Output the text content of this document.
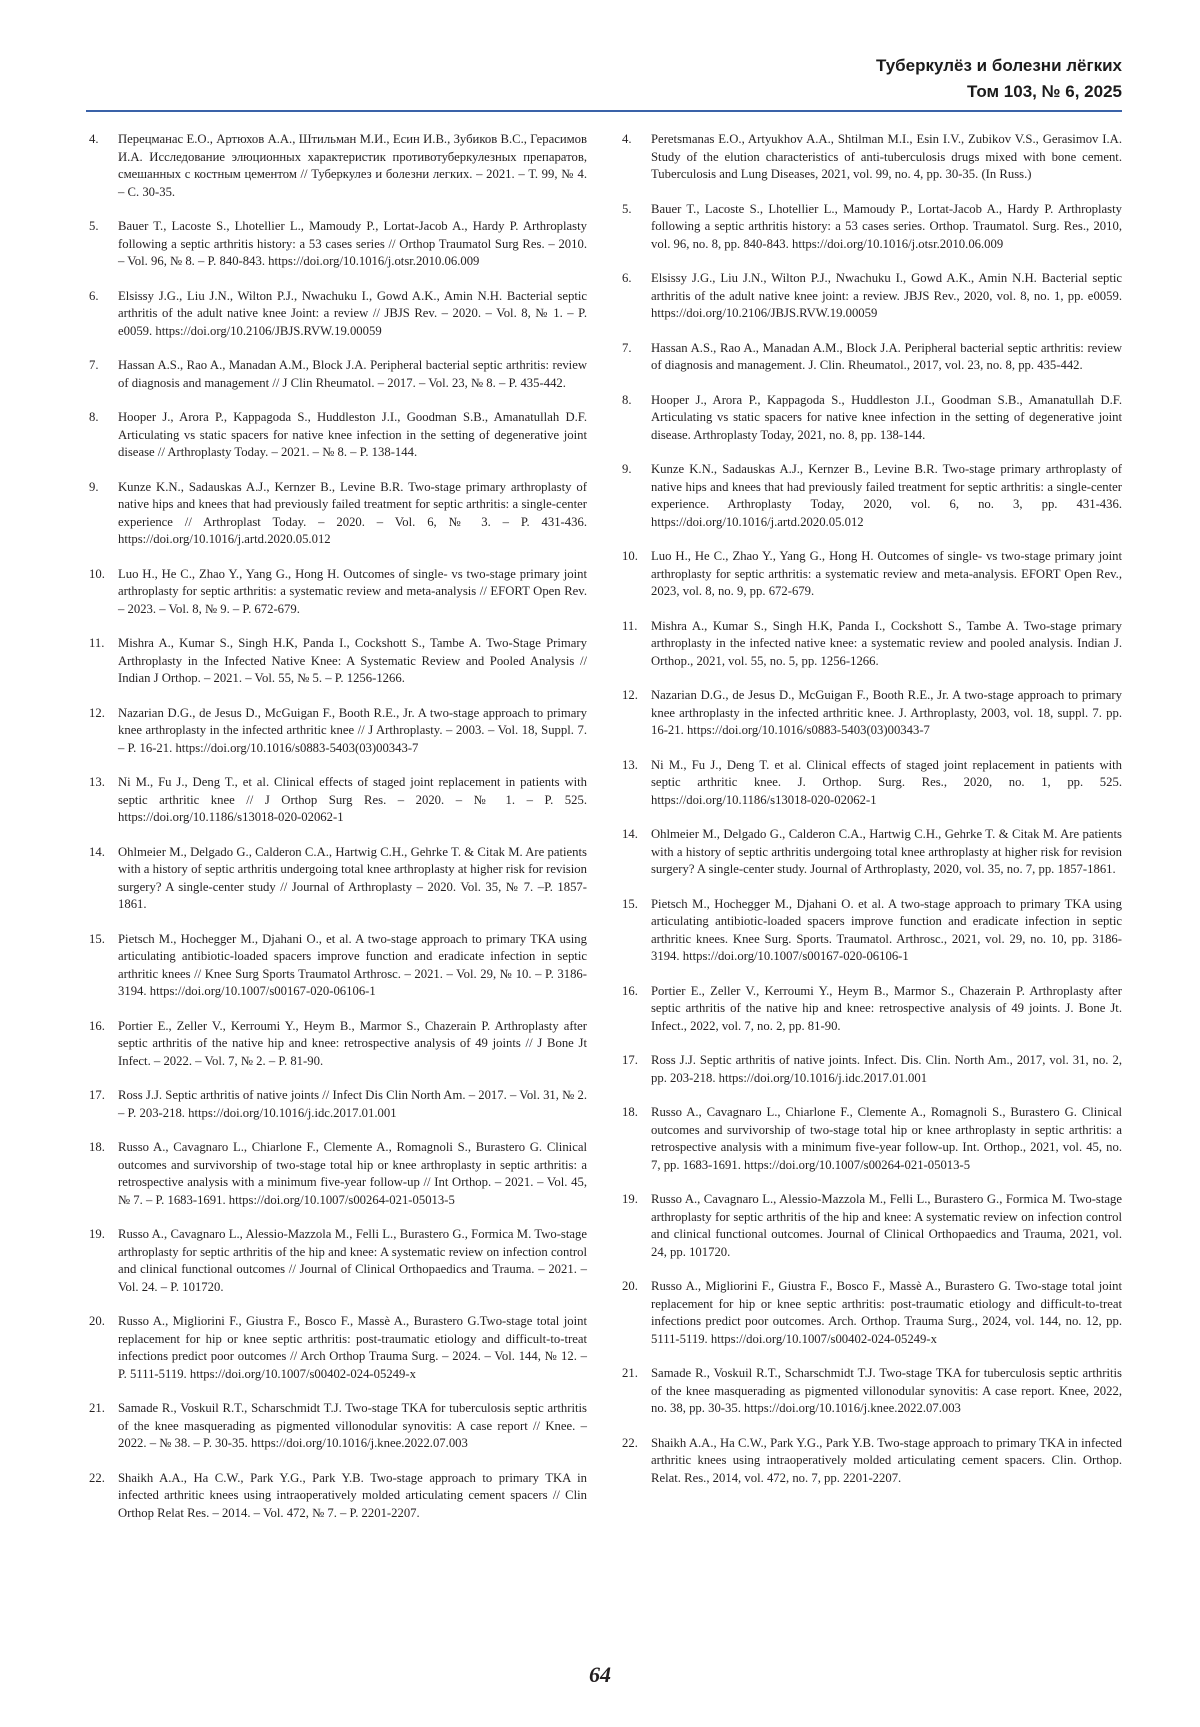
Туберкулёз и болезни лёгких
Том 103, № 6, 2025
4.	Перецманас Е.О., Артюхов А.А., Штильман М.И., Есин И.В., Зубиков В.С., Герасимов И.А. Исследование элюционных характеристик противотуберкулезных препаратов, смешанных с костным цементом // Туберкулез и болезни легких. – 2021. – Т. 99, № 4. – С. 30-35.
5.	Bauer T., Lacoste S., Lhotellier L., Mamoudy P., Lortat-Jacob A., Hardy P. Arthroplasty following a septic arthritis history: a 53 cases series // Orthop Traumatol Surg Res. – 2010. – Vol. 96, № 8. – P. 840-843. https://doi.org/10.1016/j.otsr.2010.06.009
6.	Elsissy J.G., Liu J.N., Wilton P.J., Nwachuku I., Gowd A.K., Amin N.H. Bacterial septic arthritis of the adult native knee Joint: a review // JBJS Rev. – 2020. – Vol. 8, № 1. – P. e0059. https://doi.org/10.2106/JBJS.RVW.19.00059
7.	Hassan A.S., Rao A., Manadan A.M., Block J.A. Peripheral bacterial septic arthritis: review of diagnosis and management // J Clin Rheumatol. – 2017. – Vol. 23, № 8. – P. 435-442.
8.	Hooper J., Arora P., Kappagoda S., Huddleston J.I., Goodman S.B., Amanatullah D.F. Articulating vs static spacers for native knee infection in the setting of degenerative joint disease // Arthroplasty Today. – 2021. – № 8. – P. 138-144.
9.	Kunze K.N., Sadauskas A.J., Kernzer B., Levine B.R. Two-stage primary arthroplasty of native hips and knees that had previously failed treatment for septic arthritis: a single-center experience // Arthroplast Today. – 2020. – Vol. 6, № 3. – P. 431-436. https://doi.org/10.1016/j.artd.2020.05.012
10.	Luo H., He C., Zhao Y., Yang G., Hong H. Outcomes of single- vs two-stage primary joint arthroplasty for septic arthritis: a systematic review and meta-analysis // EFORT Open Rev. – 2023. – Vol. 8, № 9. – P. 672-679.
11.	Mishra A., Kumar S., Singh H.K, Panda I., Cockshott S., Tambe A. Two-Stage Primary Arthroplasty in the Infected Native Knee: A Systematic Review and Pooled Analysis // Indian J Orthop. – 2021. – Vol. 55, № 5. – P. 1256-1266.
12.	Nazarian D.G., de Jesus D., McGuigan F., Booth R.E., Jr. A two-stage approach to primary knee arthroplasty in the infected arthritic knee // J Arthroplasty. – 2003. – Vol. 18, Suppl. 7. – P. 16-21. https://doi.org/10.1016/s0883-5403(03)00343-7
13.	Ni M., Fu J., Deng T., et al. Clinical effects of staged joint replacement in patients with septic arthritic knee // J Orthop Surg Res. – 2020. – № 1. – P. 525. https://doi.org/10.1186/s13018-020-02062-1
14.	Ohlmeier M., Delgado G., Calderon C.A., Hartwig C.H., Gehrke T. & Citak M. Are patients with a history of septic arthritis undergoing total knee arthroplasty at higher risk for revision surgery? A single-center study // Journal of Arthroplasty – 2020. Vol. 35, № 7. –P. 1857-1861.
15.	Pietsch M., Hochegger M., Djahani O., et al. A two-stage approach to primary TKA using articulating antibiotic-loaded spacers improve function and eradicate infection in septic arthritic knees // Knee Surg Sports Traumatol Arthrosc. – 2021. – Vol. 29, № 10. – P. 3186-3194. https://doi.org/10.1007/s00167-020-06106-1
16.	Portier E., Zeller V., Kerroumi Y., Heym B., Marmor S., Chazerain P. Arthroplasty after septic arthritis of the native hip and knee: retrospective analysis of 49 joints // J Bone Jt Infect. – 2022. – Vol. 7, № 2. – P. 81-90.
17.	Ross J.J. Septic arthritis of native joints // Infect Dis Clin North Am. – 2017. – Vol. 31, № 2. – P. 203-218. https://doi.org/10.1016/j.idc.2017.01.001
18.	Russo A., Cavagnaro L., Chiarlone F., Clemente A., Romagnoli S., Burastero G. Clinical outcomes and survivorship of two-stage total hip or knee arthroplasty in septic arthritis: a retrospective analysis with a minimum five-year follow-up // Int Orthop. – 2021. – Vol. 45, № 7. – P. 1683-1691. https://doi.org/10.1007/s00264-021-05013-5
19.	Russo A., Cavagnaro L., Alessio-Mazzola M., Felli L., Burastero G., Formica M. Two-stage arthroplasty for septic arthritis of the hip and knee: A systematic review on infection control and clinical functional outcomes // Journal of Clinical Orthopaedics and Trauma. – 2021. – Vol. 24. – P. 101720.
20.	Russo A., Migliorini F., Giustra F., Bosco F., Massè A., Burastero G.Two-stage total joint replacement for hip or knee septic arthritis: post-traumatic etiology and difficult-to-treat infections predict poor outcomes // Arch Orthop Trauma Surg. – 2024. – Vol. 144, № 12. – P. 5111-5119. https://doi.org/10.1007/s00402-024-05249-x
21.	Samade R., Voskuil R.T., Scharschmidt T.J. Two-stage TKA for tuberculosis septic arthritis of the knee masquerading as pigmented villonodular synovitis: A case report // Knee. –2022. – № 38. – P. 30-35. https://doi.org/10.1016/j.knee.2022.07.003
22.	Shaikh A.A., Ha C.W., Park Y.G., Park Y.B. Two-stage approach to primary TKA in infected arthritic knees using intraoperatively molded articulating cement spacers // Clin Orthop Relat Res. – 2014. – Vol. 472, № 7. – P. 2201-2207.
4.	Peretsmanas E.O., Artyukhov A.A., Shtilman M.I., Esin I.V., Zubikov V.S., Gerasimov I.A. Study of the elution characteristics of anti-tuberculosis drugs mixed with bone cement. Tuberculosis and Lung Diseases, 2021, vol. 99, no. 4, pp. 30-35. (In Russ.)
5.	Bauer T., Lacoste S., Lhotellier L., Mamoudy P., Lortat-Jacob A., Hardy P. Arthroplasty following a septic arthritis history: a 53 cases series. Orthop. Traumatol. Surg. Res., 2010, vol. 96, no. 8, pp. 840-843. https://doi.org/10.1016/j.otsr.2010.06.009
6.	Elsissy J.G., Liu J.N., Wilton P.J., Nwachuku I., Gowd A.K., Amin N.H. Bacterial septic arthritis of the adult native knee joint: a review. JBJS Rev., 2020, vol. 8, no. 1, pp. e0059. https://doi.org/10.2106/JBJS.RVW.19.00059
7.	Hassan A.S., Rao A., Manadan A.M., Block J.A. Peripheral bacterial septic arthritis: review of diagnosis and management. J. Clin. Rheumatol., 2017, vol. 23, no. 8, pp. 435-442.
8.	Hooper J., Arora P., Kappagoda S., Huddleston J.I., Goodman S.B., Amanatullah D.F. Articulating vs static spacers for native knee infection in the setting of degenerative joint disease. Arthroplasty Today, 2021, no. 8, pp. 138-144.
9.	Kunze K.N., Sadauskas A.J., Kernzer B., Levine B.R. Two-stage primary arthroplasty of native hips and knees that had previously failed treatment for septic arthritis: a single-center experience. Arthroplasty Today, 2020, vol. 6, no. 3, pp. 431-436. https://doi.org/10.1016/j.artd.2020.05.012
10.	Luo H., He C., Zhao Y., Yang G., Hong H. Outcomes of single- vs two-stage primary joint arthroplasty for septic arthritis: a systematic review and meta-analysis. EFORT Open Rev., 2023, vol. 8, no. 9, pp. 672-679.
11.	Mishra A., Kumar S., Singh H.K, Panda I., Cockshott S., Tambe A. Two-stage primary arthroplasty in the infected native knee: a systematic review and pooled analysis. Indian J. Orthop., 2021, vol. 55, no. 5, pp. 1256-1266.
12.	Nazarian D.G., de Jesus D., McGuigan F., Booth R.E., Jr. A two-stage approach to primary knee arthroplasty in the infected arthritic knee. J. Arthroplasty, 2003, vol. 18, suppl. 7. pp. 16-21. https://doi.org/10.1016/s0883-5403(03)00343-7
13.	Ni M., Fu J., Deng T. et al. Clinical effects of staged joint replacement in patients with septic arthritic knee. J. Orthop. Surg. Res., 2020, no. 1, pp. 525. https://doi.org/10.1186/s13018-020-02062-1
14.	Ohlmeier M., Delgado G., Calderon C.A., Hartwig C.H., Gehrke T. & Citak M. Are patients with a history of septic arthritis undergoing total knee arthroplasty at higher risk for revision surgery? A single-center study. Journal of Arthroplasty, 2020, vol. 35, no. 7, pp. 1857-1861.
15.	Pietsch M., Hochegger M., Djahani O. et al. A two-stage approach to primary TKA using articulating antibiotic-loaded spacers improve function and eradicate infection in septic arthritic knees. Knee Surg. Sports. Traumatol. Arthrosc., 2021, vol. 29, no. 10, pp. 3186-3194. https://doi.org/10.1007/s00167-020-06106-1
16.	Portier E., Zeller V., Kerroumi Y., Heym B., Marmor S., Chazerain P. Arthroplasty after septic arthritis of the native hip and knee: retrospective analysis of 49 joints. J. Bone Jt. Infect., 2022, vol. 7, no. 2, pp. 81-90.
17.	Ross J.J. Septic arthritis of native joints. Infect. Dis. Clin. North Am., 2017, vol. 31, no. 2, pp. 203-218. https://doi.org/10.1016/j.idc.2017.01.001
18.	Russo A., Cavagnaro L., Chiarlone F., Clemente A., Romagnoli S., Burastero G. Clinical outcomes and survivorship of two-stage total hip or knee arthroplasty in septic arthritis: a retrospective analysis with a minimum five-year follow-up. Int. Orthop., 2021, vol. 45, no. 7, pp. 1683-1691. https://doi.org/10.1007/s00264-021-05013-5
19.	Russo A., Cavagnaro L., Alessio-Mazzola M., Felli L., Burastero G., Formica M. Two-stage arthroplasty for septic arthritis of the hip and knee: A systematic review on infection control and clinical functional outcomes. Journal of Clinical Orthopaedics and Trauma, 2021, vol. 24, pp. 101720.
20.	Russo A., Migliorini F., Giustra F., Bosco F., Massè A., Burastero G. Two-stage total joint replacement for hip or knee septic arthritis: post-traumatic etiology and difficult-to-treat infections predict poor outcomes. Arch. Orthop. Trauma Surg., 2024, vol. 144, no. 12, pp. 5111-5119. https://doi.org/10.1007/s00402-024-05249-x
21.	Samade R., Voskuil R.T., Scharschmidt T.J. Two-stage TKA for tuberculosis septic arthritis of the knee masquerading as pigmented villonodular synovitis: A case report. Knee, 2022, no. 38, pp. 30-35. https://doi.org/10.1016/j.knee.2022.07.003
22.	Shaikh A.A., Ha C.W., Park Y.G., Park Y.B. Two-stage approach to primary TKA in infected arthritic knees using intraoperatively molded articulating cement spacers. Clin. Orthop. Relat. Res., 2014, vol. 472, no. 7, pp. 2201-2207.
64
